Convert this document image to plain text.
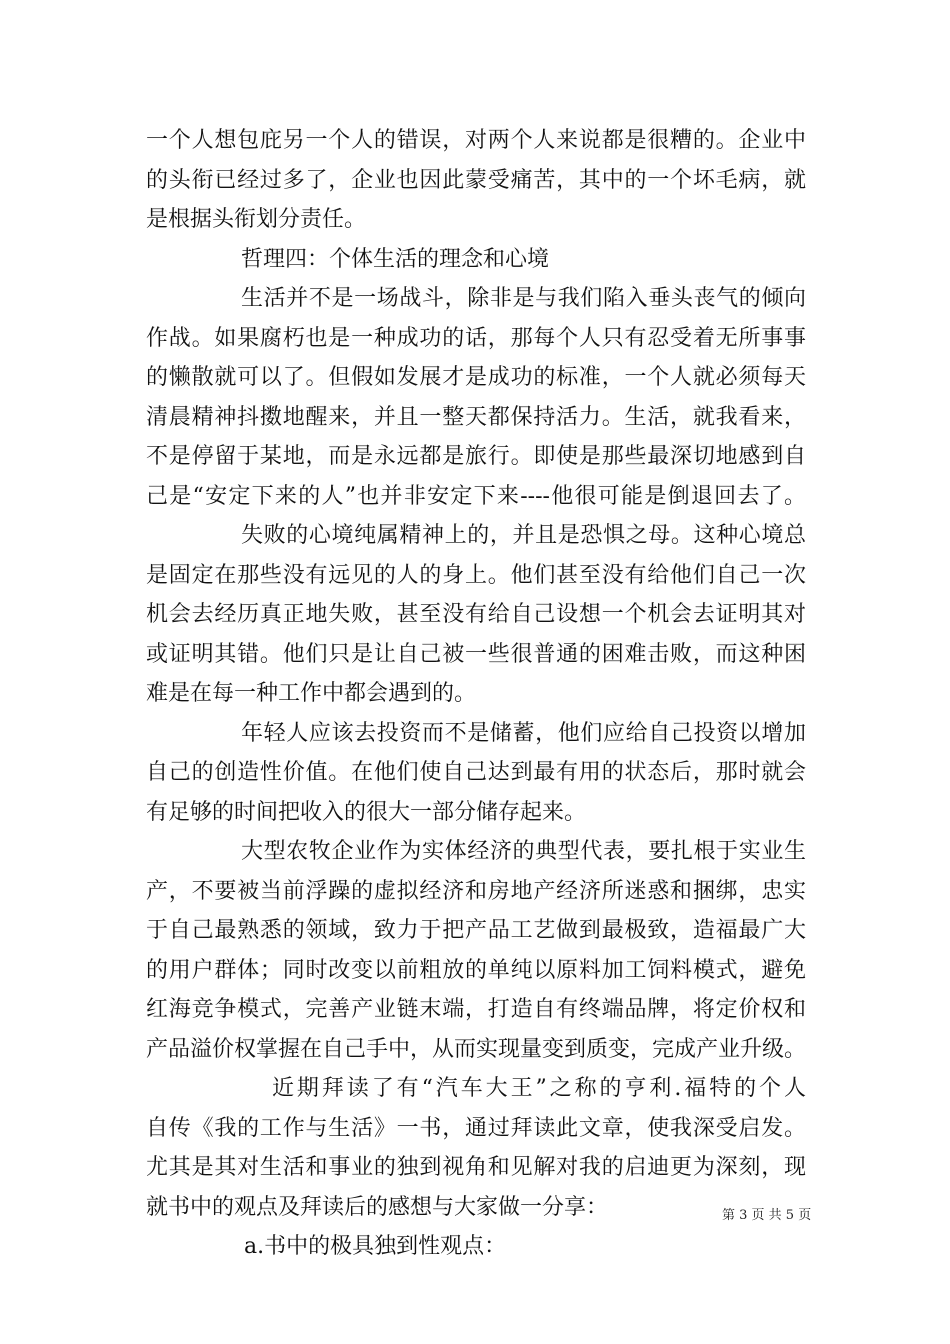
一个人想包庇另一个人的错误，对两个人来说都是很糟的。企业中
的头衔已经过多了，企业也因此蒙受痛苦，其中的一个坏毛病，就
是根据头衔划分责任。
哲理四：个体生活的理念和心境
生活并不是一场战斗，除非是与我们陷入垂头丧气的倾向
作战。如果腐朽也是一种成功的话，那每个人只有忍受着无所事事
的懒散就可以了。但假如发展才是成功的标准，一个人就必须每天
清晨精神抖擞地醒来，并且一整天都保持活力。生活，就我看来，
不是停留于某地，而是永远都是旅行。即使是那些最深切地感到自
己是“安定下来的人”也并非安定下来----他很可能是倒退回去了。
失败的心境纯属精神上的，并且是恐惧之母。这种心境总
是固定在那些没有远见的人的身上。他们甚至没有给他们自己一次
机会去经历真正地失败，甚至没有给自己设想一个机会去证明其对
或证明其错。他们只是让自己被一些很普通的困难击败，而这种困
难是在每一种工作中都会遇到的。
年轻人应该去投资而不是储蓄，他们应给自己投资以增加
自己的创造性价值。在他们使自己达到最有用的状态后，那时就会
有足够的时间把收入的很大一部分储存起来。
大型农牧企业作为实体经济的典型代表，要扎根于实业生
产，不要被当前浮躁的虚拟经济和房地产经济所迷惑和捆绑，忠实
于自己最熟悉的领域，致力于把产品工艺做到最极致，造福最广大
的用户群体；同时改变以前粗放的单纯以原料加工饲料模式，避免
红海竞争模式，完善产业链末端，打造自有终端品牌，将定价权和
产品溢价权掌握在自己手中，从而实现量变到质变，完成产业升级。
近期拜读了有“汽车大王”之称的亨利.福特的个人
自传《我的工作与生活》一书，通过拜读此文章，使我深受启发。
尤其是其对生活和事业的独到视角和见解对我的启迪更为深刻，现
就书中的观点及拜读后的感想与大家做一分享：
a.书中的极具独到性观点：
第 3 页 共 5 页
